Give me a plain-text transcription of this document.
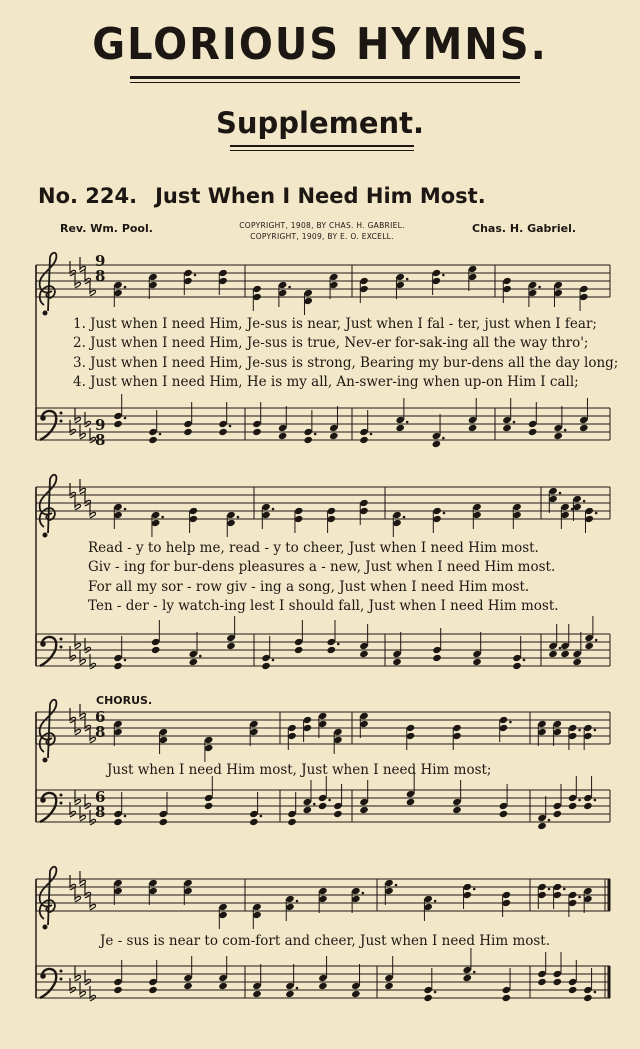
GLORIOUS HYMNS.
Supplement.
No. 224. Just When I Need Him Most.
Rev. Wm. Pool.	COPYRIGHT, 1908, BY CHAS. H. GABRIEL.
COPYRIGHT, 1909, BY E. O. EXCELL.
Chas. H. Gabriel.
9
8
9
8
6
8
6
8
1. Just when I need Him, Je-sus is near, Just when I fal - ter, just when I fear;
2. Just when I need Him, Je-sus is true, Nev-er for-sak-ing all the way thro';
3. Just when I need Him, Je-sus is strong, Bearing my bur-dens all the day long;
4. Just when I need Him, He is my all, An-swer-ing when up-on Him I call;
Read - y to help me, read - y to cheer, Just when I need Him most.
Giv - ing for bur-dens pleasures a - new, Just when I need Him most.
For all my sor - row giv - ing a song, Just when I need Him most.
Ten - der - ly watch-ing lest I should fall, Just when I need Him most.
CHORUS.
Just when I need Him most, Just when I need Him most;
Je - sus is near to com-fort and cheer, Just when I need Him most.
